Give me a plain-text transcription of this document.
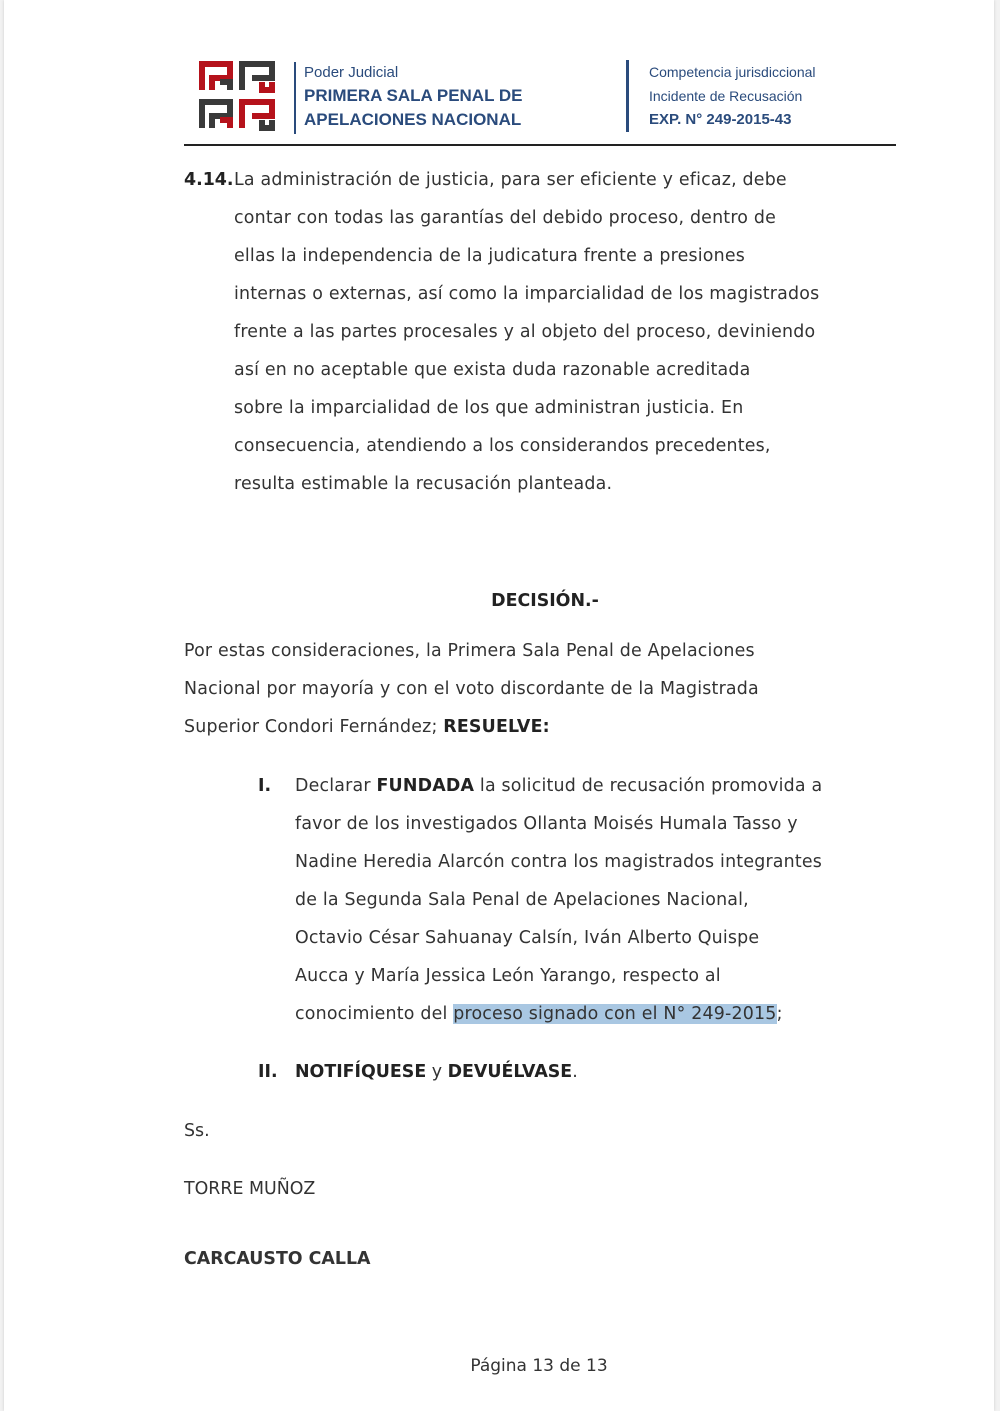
Poder Judicial
PRIMERA SALA PENAL DE
APELACIONES NACIONAL
Competencia jurisdiccional
Incidente de Recusación
EXP. N° 249-2015-43
4.14. La administración de justicia, para ser eficiente y eficaz, debe
contar con todas las garantías del debido proceso, dentro de
ellas la independencia de la judicatura frente a presiones
internas o externas, así como la imparcialidad de los magistrados
frente a las partes procesales y al objeto del proceso, deviniendo
así en no aceptable que exista duda razonable acreditada
sobre la imparcialidad de los que administran justicia. En
consecuencia, atendiendo a los considerandos precedentes,
resulta estimable la recusación planteada.
DECISIÓN.-
Por estas consideraciones, la Primera Sala Penal de Apelaciones
Nacional por mayoría y con el voto discordante de la Magistrada
Superior Condori Fernández; RESUELVE:
I. Declarar FUNDADA la solicitud de recusación promovida a
favor de los investigados Ollanta Moisés Humala Tasso y
Nadine Heredia Alarcón contra los magistrados integrantes
de la Segunda Sala Penal de Apelaciones Nacional,
Octavio César Sahuanay Calsín, Iván Alberto Quispe
Aucca y María Jessica León Yarango, respecto al
conocimiento del proceso signado con el N° 249-2015;
II. NOTIFÍQUESE y DEVUÉLVASE.
Ss.
TORRE MUÑOZ
CARCAUSTO CALLA
Página 13 de 13
